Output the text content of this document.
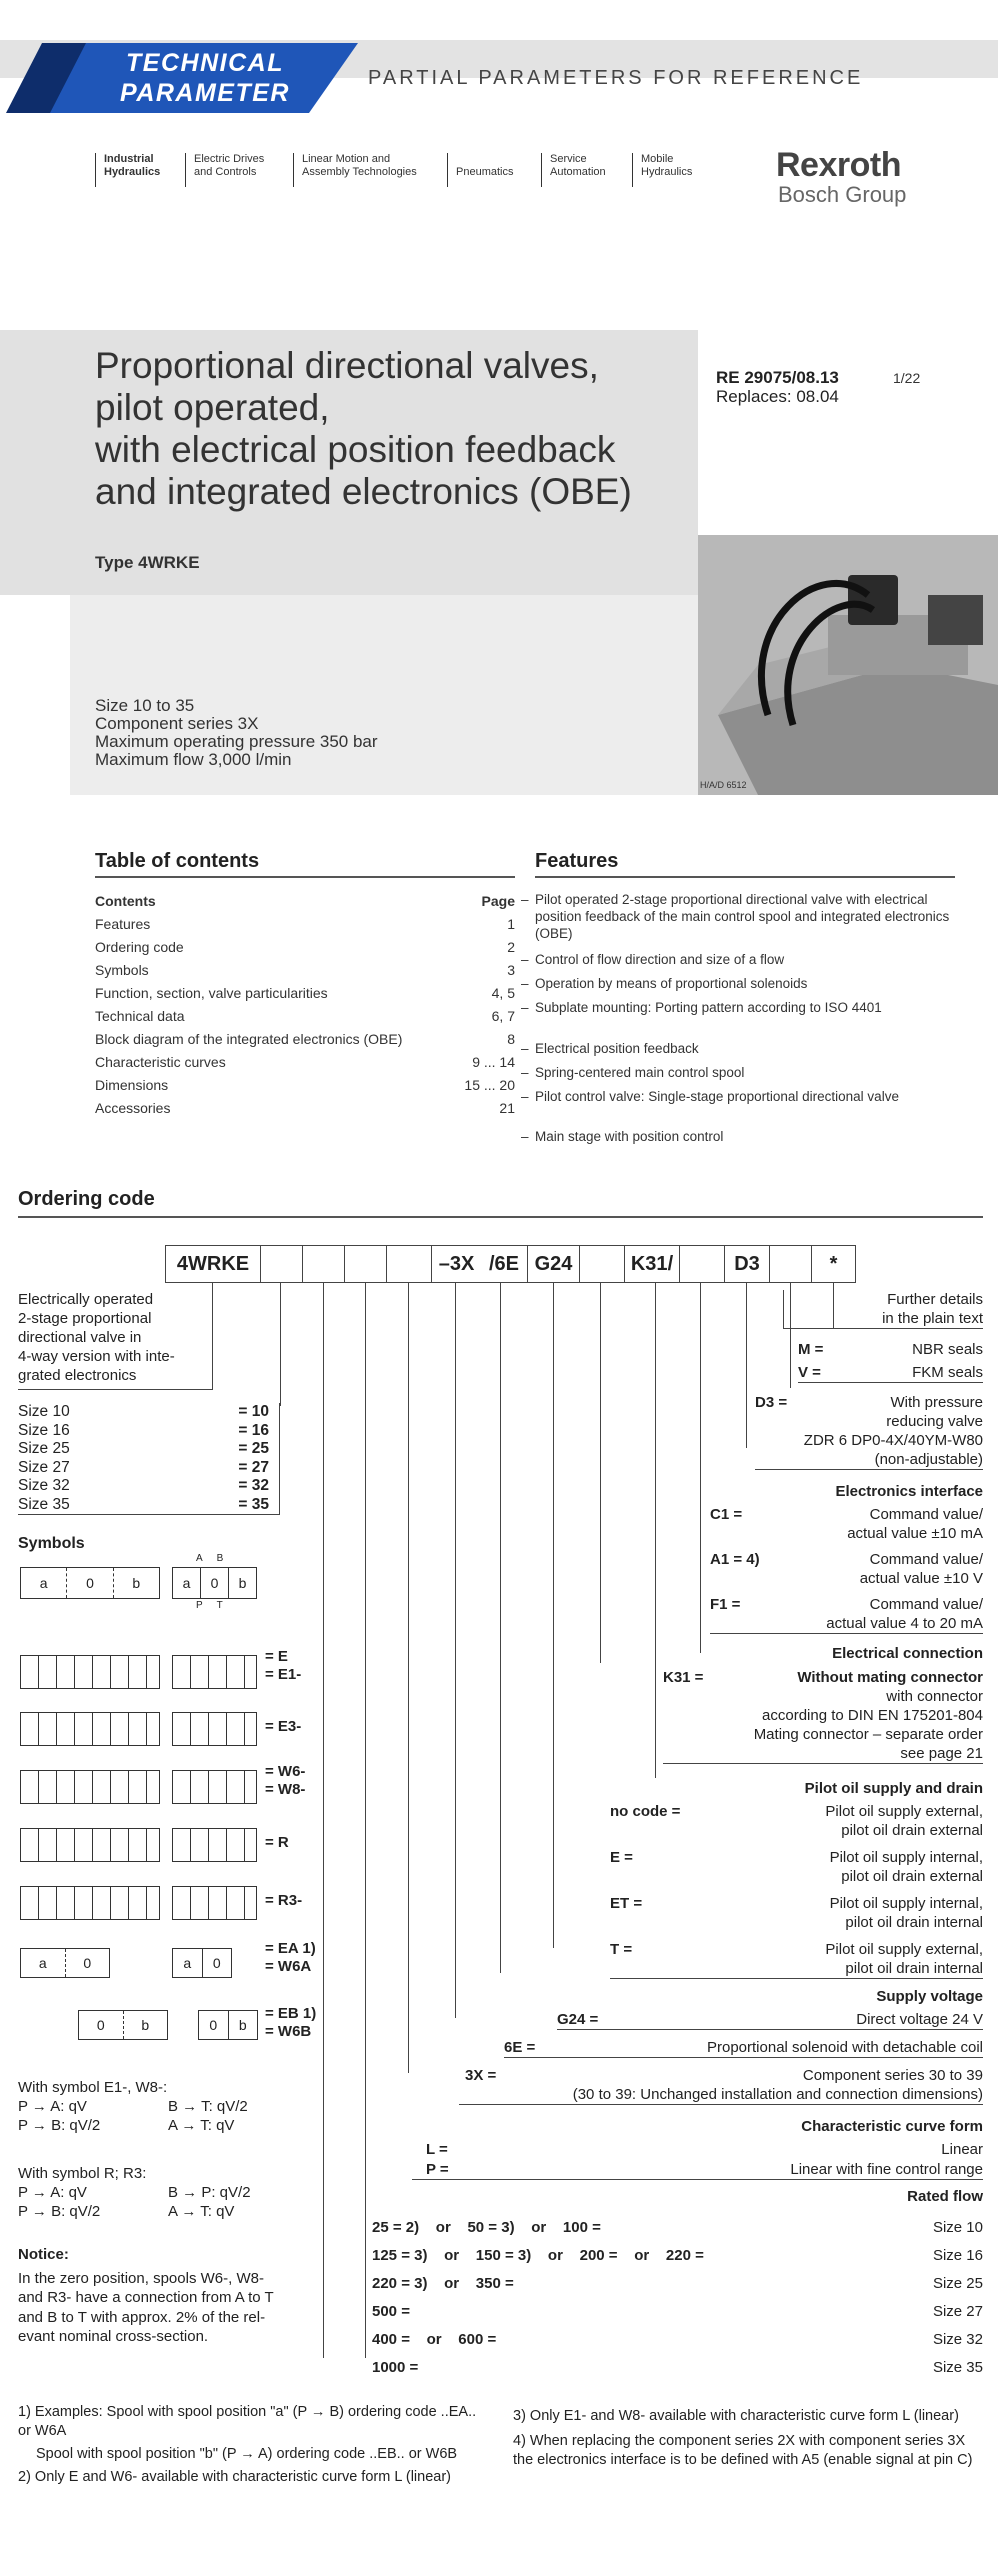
TECHNICAL
PARAMETER
PARTIAL PARAMETERS FOR REFERENCE
Industrial
Hydraulics
Electric Drives
and Controls
Linear Motion and
Assembly Technologies	Pneumatics
Service
Automation
Mobile
Hydraulics Rexroth
Bosch Group
Proportional directional valves,
pilot operated,
with electrical position feedback
and integrated electronics (OBE)
RE 29075/08.13
Replaces: 08.04
1/22
Type 4WRKE
Size 10 to 35
Component series 3X
Maximum operating pressure 350 bar
Maximum flow 3,000 l/min
H/A/D 6512
Table of contents
Contents	Page
Features	1
Ordering code	2
Symbols	3
Function, section, valve particularities	4, 5
Technical data	6, 7
Block diagram of the integrated electronics (OBE)	8
Characteristic curves	9 ... 14
Dimensions	15 ... 20
Accessories	21
Features
– Pilot operated 2-stage proportional directional valve with electrical position feedback of the main control spool and integrated electronics (OBE)
– Control of flow direction and size of a flow
– Operation by means of proportional solenoids
– Subplate mounting: Porting pattern according to ISO 4401
– Electrical position feedback
– Spring-centered main control spool
– Pilot control valve: Single-stage proportional directional valve
– Main stage with position control
Ordering code
4WRKE	–3X /6E G24	K31/	D3	*
Electrically operated
2-stage proportional
directional valve in
4-way version with inte-
grated electronics
Size 10	= 10
Size 16	= 16
Size 25	= 25
Size 27	= 27
Size 32	= 32
Size 35	= 35
Symbols
a	0	b
A B
a	0	b
P T
= E
= E1-
= E3-
= W6-
= W8-
= R
= R3-
a	0	a	0
= EA 1)
= W6A
0	b	0	b
= EB 1)
= W6B
With symbol E1-, W8-:
P → A: qV	B → T: qV/2
P → B: qV/2	A → T: qV
With symbol R; R3:
P → A: qV	B → P: qV/2
P → B: qV/2	A → T: qV
Notice:
In the zero position, spools W6-, W8-
and R3- have a connection from A to T
and B to T with approx. 2% of the rel-
evant nominal cross-section.
Further details
in the plain text
M =	NBR seals
V =	FKM seals
D3 =	With pressure
reducing valve
ZDR 6 DP0-4X/40YM-W80
(non-adjustable)
Electronics interface
C1 =	Command value/
actual value ±10 mA
A1 = 4)	Command value/
actual value ±10 V
F1 =	Command value/
actual value 4 to 20 mA
Electrical connection
K31 =	Without mating connector
with connector
according to DIN EN 175201-804
Mating connector – separate order
see page 21
Pilot oil supply and drain
no code =	Pilot oil supply external,
pilot oil drain external
E =	Pilot oil supply internal,
pilot oil drain external
ET =	Pilot oil supply internal,
pilot oil drain internal
T =	Pilot oil supply external,
pilot oil drain internal
Supply voltage
G24 =	Direct voltage 24 V
6E =	Proportional solenoid with detachable coil
3X =	Component series 30 to 39
(30 to 39: Unchanged installation and connection dimensions)
Characteristic curve form
L =	Linear
P =	Linear with fine control range
Rated flow
25 = 2)    or    50 = 3)    or    100 =	Size 10
125 = 3)    or    150 = 3)    or    200 =    or    220 =	Size 16
220 = 3)    or    350 =	Size 25
500 =	Size 27
400 =    or    600 =	Size 32
1000 =	Size 35
1) Examples: Spool with spool position "a" (P → B) ordering code ..EA.. or W6A
Spool with spool position "b" (P → A) ordering code ..EB.. or W6B
2) Only E and W6- available with characteristic curve form L (linear)
3) Only E1- and W8- available with characteristic curve form L (linear)
4) When replacing the component series 2X with component series 3X the electronics interface is to be defined with A5 (enable signal at pin C)
